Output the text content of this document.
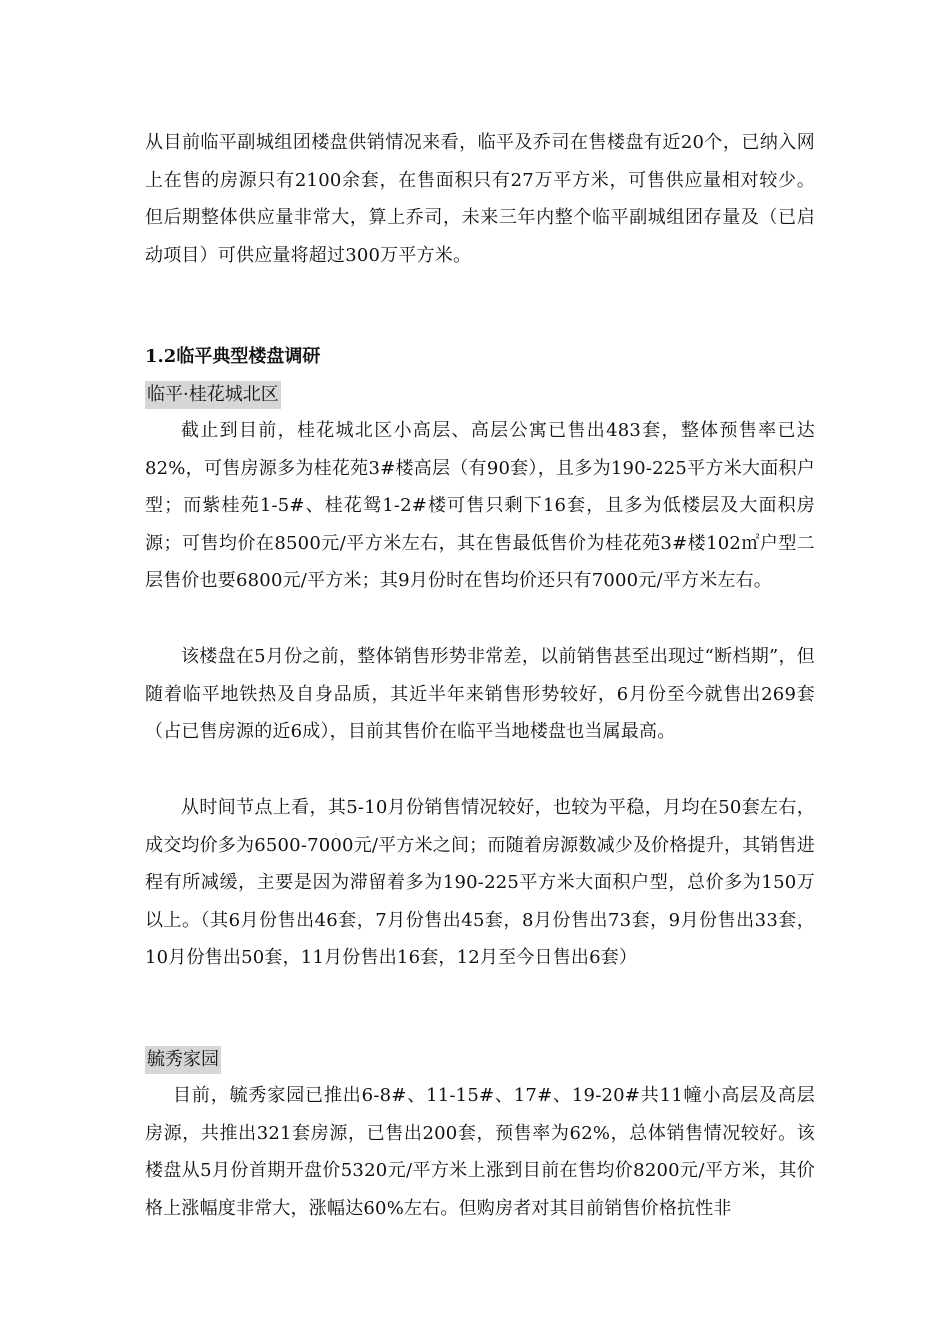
从目前临平副城组团楼盘供销情况来看，临平及乔司在售楼盘有近20个，已纳入网上在售的房源只有2100余套，在售面积只有27万平方米，可售供应量相对较少。但后期整体供应量非常大，算上乔司，未来三年内整个临平副城组团存量及（已启动项目）可供应量将超过300万平方米。

1.2临平典型楼盘调研
临平·桂花城北区

截止到目前，桂花城北区小高层、高层公寓已售出483套，整体预售率已达82%，可售房源多为桂花苑3#楼高层（有90套），且多为190-225平方米大面积户型；而紫桂苑1-5#、桂花鸳1-2#楼可售只剩下16套，且多为低楼层及大面积房源；可售均价在8500元/平方米左右，其在售最低售价为桂花苑3#楼102㎡户型二层售价也要6800元/平方米；其9月份时在售均价还只有7000元/平方米左右。

该楼盘在5月份之前，整体销售形势非常差，以前销售甚至出现过“断档期”，但随着临平地铁热及自身品质，其近半年来销售形势较好，6月份至今就售出269套（占已售房源的近6成），目前其售价在临平当地楼盘也当属最高。

从时间节点上看，其5-10月份销售情况较好，也较为平稳，月均在50套左右，成交均价多为6500-7000元/平方米之间；而随着房源数减少及价格提升，其销售进程有所减缓，主要是因为滞留着多为190-225平方米大面积户型，总价多为150万以上。（其6月份售出46套，7月份售出45套，8月份售出73套，9月份售出33套，10月份售出50套，11月份售出16套，12月至今日售出6套）

毓秀家园

目前，毓秀家园已推出6-8#、11-15#、17#、19-20#共11幢小高层及高层房源，共推出321套房源，已售出200套，预售率为62%，总体销售情况较好。该楼盘从5月份首期开盘价5320元/平方米上涨到目前在售均价8200元/平方米，其价格上涨幅度非常大，涨幅达60%左右。但购房者对其目前销售价格抗性非
